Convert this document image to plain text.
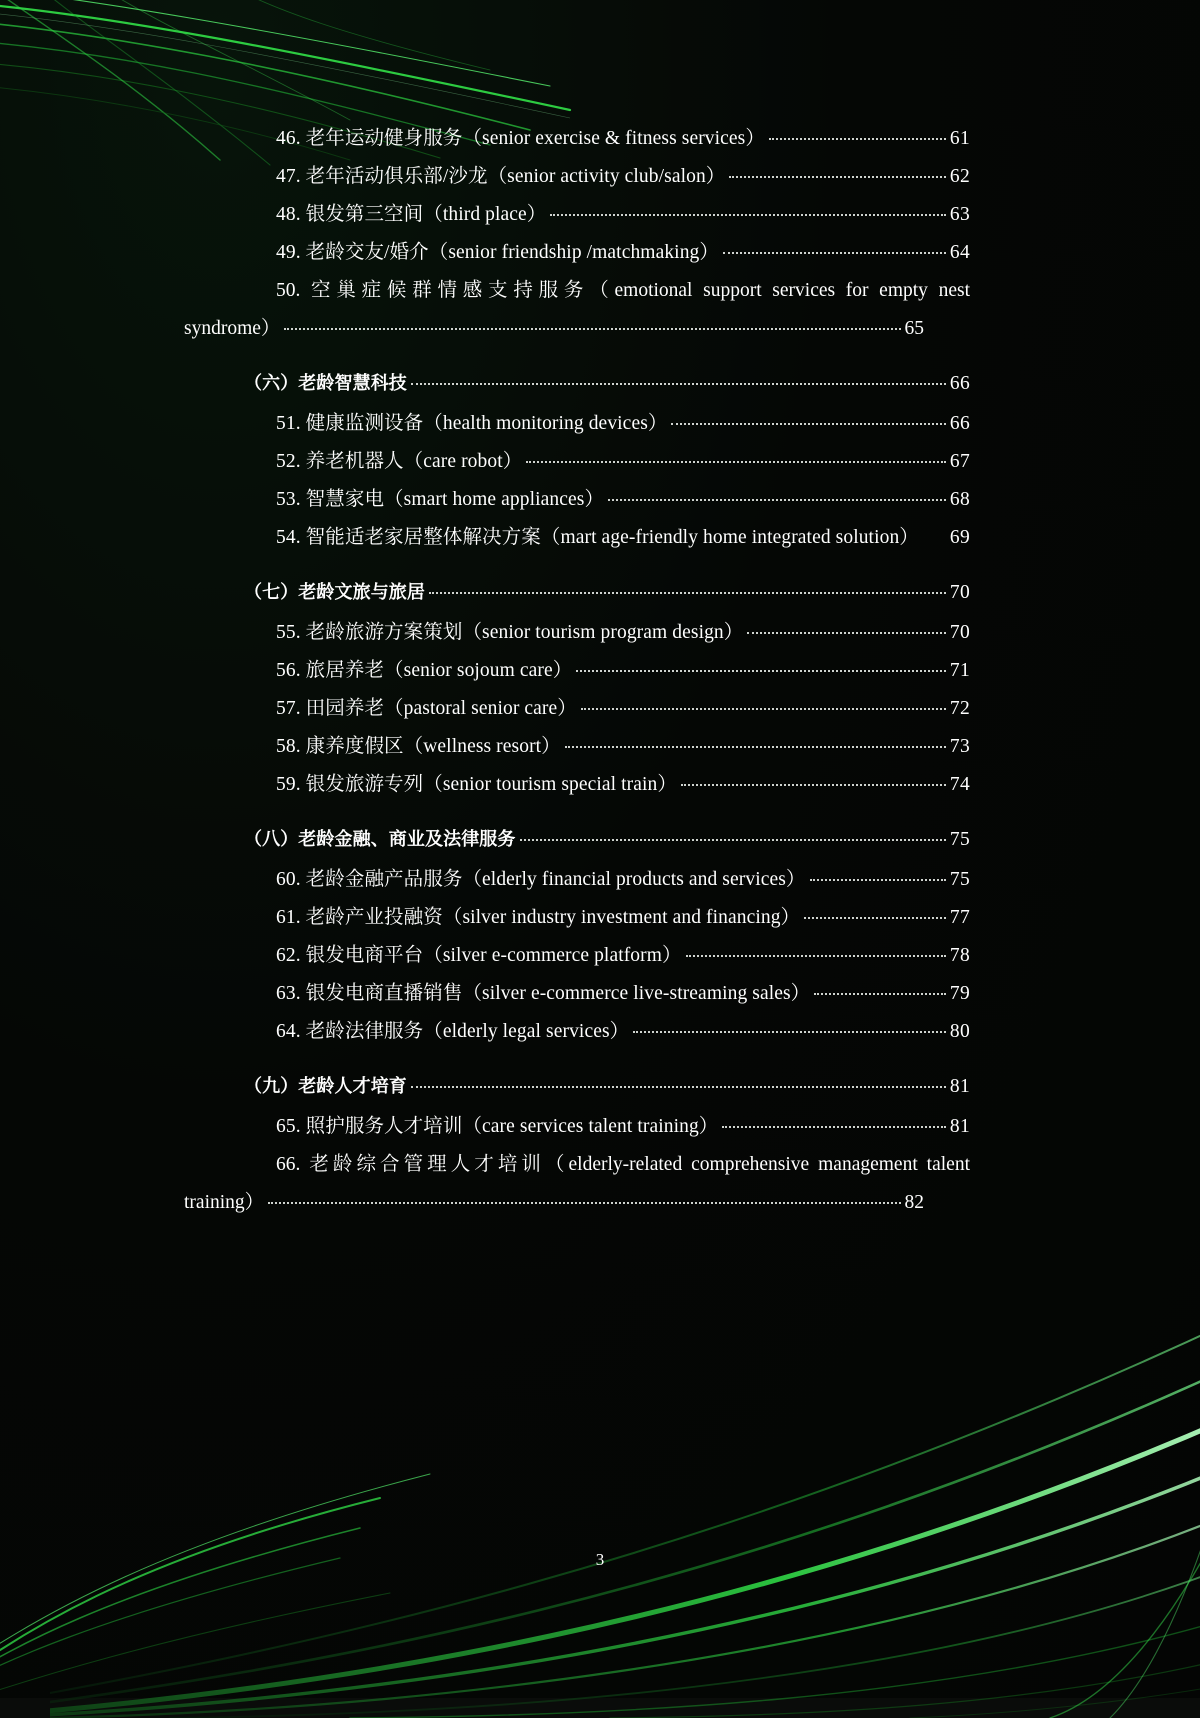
46. 老年运动健身服务（senior exercise & fitness services）	61
47. 老年活动俱乐部/沙龙（senior activity club/salon）	62
48. 银发第三空间（third place）	63
49. 老龄交友/婚介（senior friendship /matchmaking）	64
50. 空巢症候群情感支持服务（emotional support services for empty nest
syndrome）	65
（六）老龄智慧科技	66
51. 健康监测设备（health monitoring devices）	66
52. 养老机器人（care robot）	67
53. 智慧家电（smart home appliances）	68
54. 智能适老家居整体解决方案（mart age-friendly home integrated solution） 69
（七）老龄文旅与旅居	70
55. 老龄旅游方案策划（senior tourism program design）	70
56. 旅居养老（senior sojoum care）	71
57. 田园养老（pastoral senior care）	72
58. 康养度假区（wellness resort）	73
59. 银发旅游专列（senior tourism special train）	74
（八）老龄金融、商业及法律服务	75
60. 老龄金融产品服务（elderly financial products and services）	75
61. 老龄产业投融资（silver industry investment and financing）	77
62. 银发电商平台（silver e-commerce platform）	78
63. 银发电商直播销售（silver e-commerce live-streaming sales）	79
64. 老龄法律服务（elderly legal services）	80
（九）老龄人才培育	81
65. 照护服务人才培训（care services talent training）	81
66. 老龄综合管理人才培训（elderly-related comprehensive management talent
training）	82
3
